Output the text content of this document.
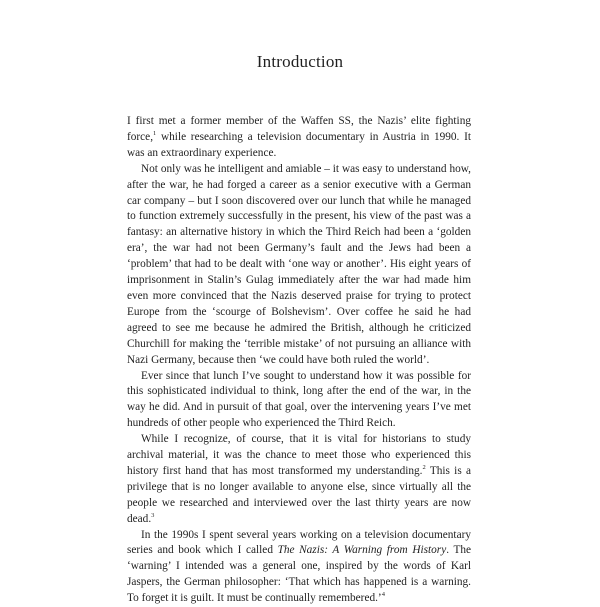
Introduction

I first met a former member of the Waffen SS, the Nazis’ elite fighting force,$^1$ while researching a television documentary in Austria in 1990. It was an extraordinary experience.

Not only was he intelligent and amiable – it was easy to understand how, after the war, he had forged a career as a senior executive with a German car company – but I soon discovered over our lunch that while he managed to function extremely successfully in the present, his view of the past was a fantasy: an alternative history in which the Third Reich had been a ‘golden era’, the war had not been Germany’s fault and the Jews had been a ‘problem’ that had to be dealt with ‘one way or another’. His eight years of imprisonment in Stalin’s Gulag immediately after the war had made him even more convinced that the Nazis deserved praise for trying to protect Europe from the ‘scourge of Bolshevism’. Over coffee he said he had agreed to see me because he admired the British, although he criticized Churchill for making the ‘terrible mistake’ of not pursuing an alliance with Nazi Germany, because then ‘we could have both ruled the world’.

Ever since that lunch I’ve sought to understand how it was possible for this sophisticated individual to think, long after the end of the war, in the way he did. And in pursuit of that goal, over the intervening years I’ve met hundreds of other people who experienced the Third Reich.

While I recognize, of course, that it is vital for historians to study archival material, it was the chance to meet those who experienced this history first hand that has most transformed my understanding.$^2$ This is a privilege that is no longer available to anyone else, since virtually all the people we researched and interviewed over the last thirty years are now dead.$^3$

In the 1990s I spent several years working on a television documentary series and book which I called The Nazis: A Warning from History. The ‘warning’ I intended was a general one, inspired by the words of Karl Jaspers, the German philosopher: ‘That which has happened is a warning. To forget it is guilt. It must be continually remembered.’$^4$
